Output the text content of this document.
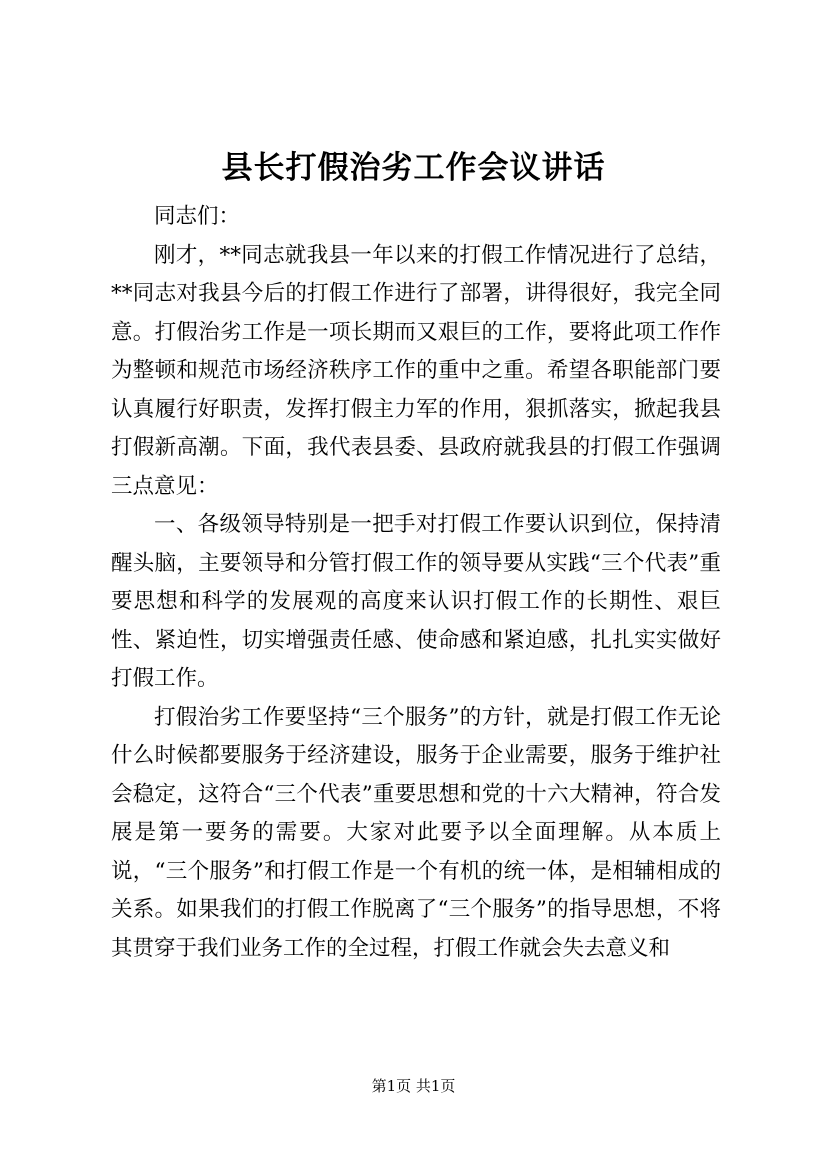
县长打假治劣工作会议讲话

同志们：

刚才，**同志就我县一年以来的打假工作情况进行了总结，**同志对我县今后的打假工作进行了部署，讲得很好，我完全同意。打假治劣工作是一项长期而又艰巨的工作，要将此项工作作为整顿和规范市场经济秩序工作的重中之重。希望各职能部门要认真履行好职责，发挥打假主力军的作用，狠抓落实，掀起我县打假新高潮。下面，我代表县委、县政府就我县的打假工作强调三点意见：

一、各级领导特别是一把手对打假工作要认识到位，保持清醒头脑，主要领导和分管打假工作的领导要从实践“三个代表”重要思想和科学的发展观的高度来认识打假工作的长期性、艰巨性、紧迫性，切实增强责任感、使命感和紧迫感，扎扎实实做好打假工作。

打假治劣工作要坚持“三个服务”的方针，就是打假工作无论什么时候都要服务于经济建设，服务于企业需要，服务于维护社会稳定，这符合“三个代表”重要思想和党的十六大精神，符合发展是第一要务的需要。大家对此要予以全面理解。从本质上说，“三个服务”和打假工作是一个有机的统一体，是相辅相成的关系。如果我们的打假工作脱离了“三个服务”的指导思想，不将其贯穿于我们业务工作的全过程，打假工作就会失去意义和

第1页 共1页
